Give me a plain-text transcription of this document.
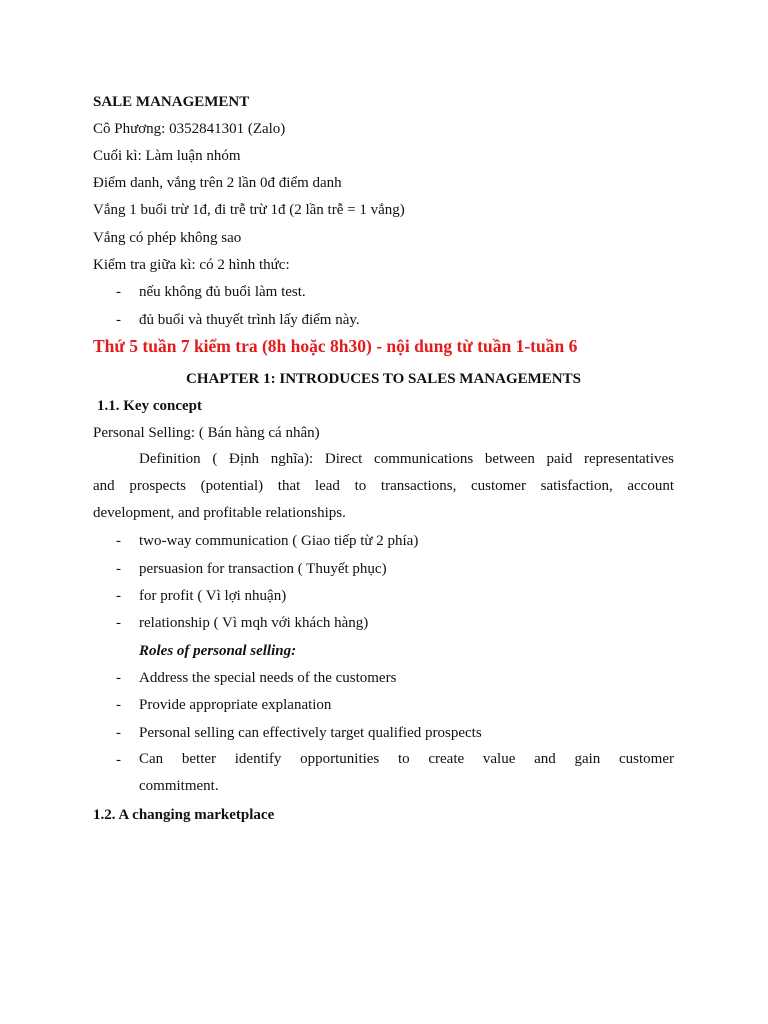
SALE MANAGEMENT
Cô Phương: 0352841301 (Zalo)
Cuối kì: Làm luận nhóm
Điểm danh, vắng trên 2 lần 0đ điểm danh
Vắng 1 buổi trừ 1đ, đi trễ trừ 1đ (2 lần trễ = 1 vắng)
Vắng có phép không sao
Kiểm tra giữa kì: có 2 hình thức:
- nếu không đủ buổi làm test.
- đủ buổi và thuyết trình lấy điểm này.
Thứ 5 tuần 7 kiểm tra (8h hoặc 8h30) - nội dung từ tuần 1-tuần 6
CHAPTER 1: INTRODUCES TO SALES MANAGEMENTS
1.1. Key concept
Personal Selling: ( Bán hàng cá nhân)
Definition ( Định nghĩa): Direct communications between paid representatives
and prospects (potential) that lead to transactions, customer satisfaction, account
development, and profitable relationships.
- two-way communication ( Giao tiếp từ 2 phía)
- persuasion for transaction ( Thuyết phục)
- for profit ( Vì lợi nhuận)
- relationship ( Vì mqh với khách hàng)
Roles of personal selling:
- Address the special needs of the customers
- Provide appropriate explanation
- Personal selling can effectively target qualified prospects
- Can better identify opportunities to create value and gain customer
commitment.
1.2. A changing marketplace
